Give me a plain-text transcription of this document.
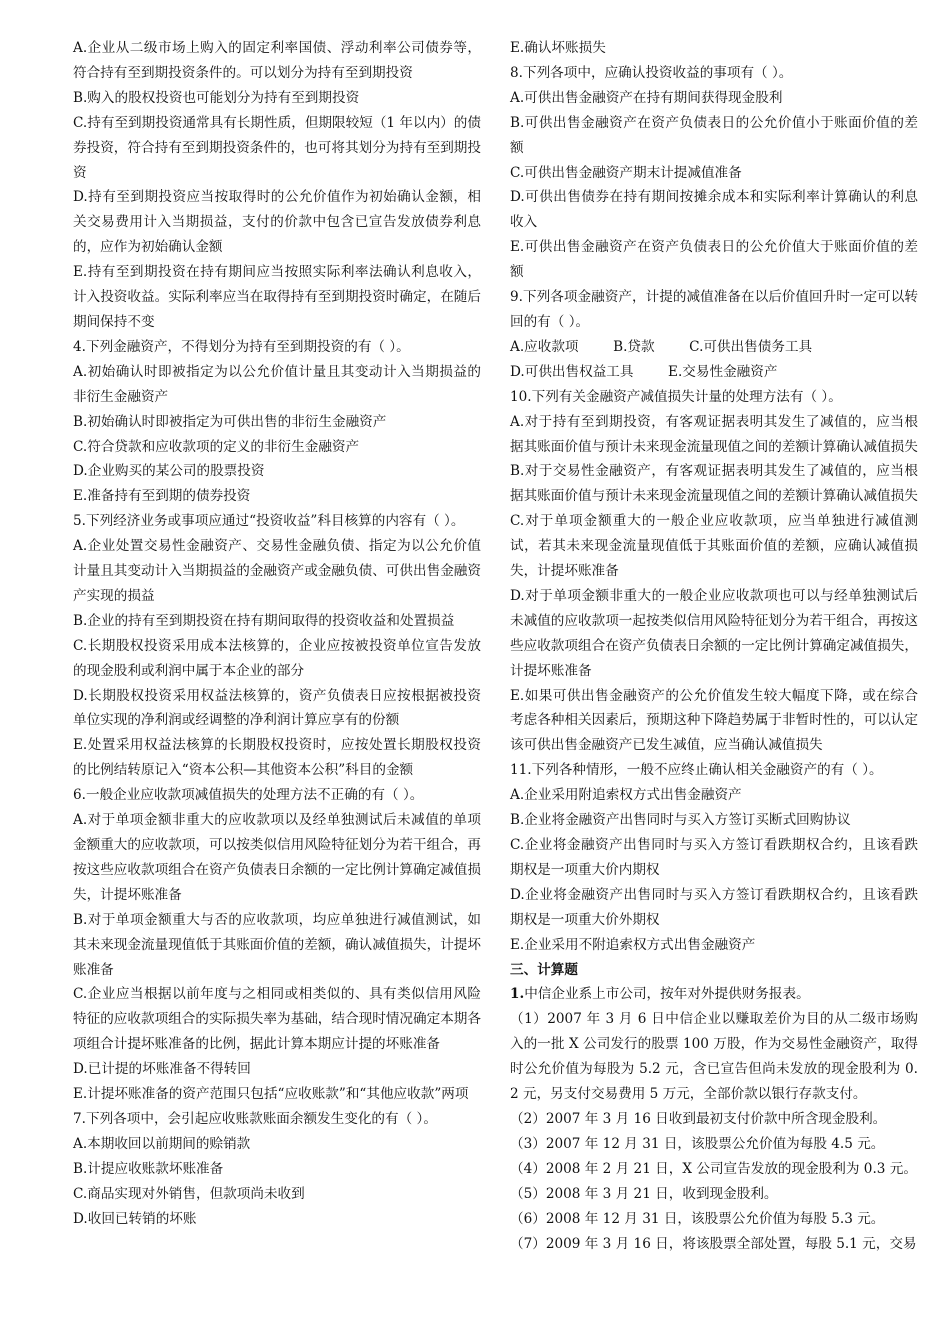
A.企业从二级市场上购入的固定利率国债、浮动利率公司债券等，符合持有至到期投资条件的。可以划分为持有至到期投资

B.购入的股权投资也可能划分为持有至到期投资

C.持有至到期投资通常具有长期性质，但期限较短（1 年以内）的债券投资，符合持有至到期投资条件的，也可将其划分为持有至到期投资

D.持有至到期投资应当按取得时的公允价值作为初始确认金额，相关交易费用计入当期损益，支付的价款中包含已宣告发放债券利息的，应作为初始确认金额

E.持有至到期投资在持有期间应当按照实际利率法确认利息收入，计入投资收益。实际利率应当在取得持有至到期投资时确定，在随后期间保持不变

4.下列金融资产，不得划分为持有至到期投资的有（ ）。

A.初始确认时即被指定为以公允价值计量且其变动计入当期损益的非衍生金融资产

B.初始确认时即被指定为可供出售的非衍生金融资产

C.符合贷款和应收款项的定义的非衍生金融资产

D.企业购买的某公司的股票投资

E.准备持有至到期的债券投资

5.下列经济业务或事项应通过“投资收益”科目核算的内容有（ ）。

A.企业处置交易性金融资产、交易性金融负债、指定为以公允价值计量且其变动计入当期损益的金融资产或金融负债、可供出售金融资产实现的损益

B.企业的持有至到期投资在持有期间取得的投资收益和处置损益

C.长期股权投资采用成本法核算的，企业应按被投资单位宣告发放的现金股利或利润中属于本企业的部分

D.长期股权投资采用权益法核算的，资产负债表日应按根据被投资单位实现的净利润或经调整的净利润计算应享有的份额

E.处置采用权益法核算的长期股权投资时，应按处置长期股权投资的比例结转原记入“资本公积—其他资本公积”科目的金额

6.一般企业应收款项减值损失的处理方法不正确的有（ ）。

A.对于单项金额非重大的应收款项以及经单独测试后未减值的单项金额重大的应收款项，可以按类似信用风险特征划分为若干组合，再按这些应收款项组合在资产负债表日余额的一定比例计算确定减值损失，计提坏账准备

B.对于单项金额重大与否的应收款项，均应单独进行减值测试，如其未来现金流量现值低于其账面价值的差额，确认减值损失，计提坏账准备

C.企业应当根据以前年度与之相同或相类似的、具有类似信用风险特征的应收款项组合的实际损失率为基础，结合现时情况确定本期各项组合计提坏账准备的比例，据此计算本期应计提的坏账准备

D.已计提的坏账准备不得转回

E.计提坏账准备的资产范围只包括“应收账款”和“其他应收款”两项

7.下列各项中，会引起应收账款账面余额发生变化的有（ ）。

A.本期收回以前期间的赊销款

B.计提应收账款坏账准备

C.商品实现对外销售，但款项尚未收到

D.收回已转销的坏账

E.确认坏账损失

8.下列各项中，应确认投资收益的事项有（ ）。

A.可供出售金融资产在持有期间获得现金股利

B.可供出售金融资产在资产负债表日的公允价值小于账面价值的差额

C.可供出售金融资产期末计提减值准备

D.可供出售债券在持有期间按摊余成本和实际利率计算确认的利息收入

E.可供出售金融资产在资产负债表日的公允价值大于账面价值的差额

9.下列各项金融资产，计提的减值准备在以后价值回升时一定可以转回的有（ ）。

A.应收款项        B.贷款        C.可供出售债务工具

D.可供出售权益工具        E.交易性金融资产

10.下列有关金融资产减值损失计量的处理方法有（ ）。

A.对于持有至到期投资，有客观证据表明其发生了减值的，应当根据其账面价值与预计未来现金流量现值之间的差额计算确认减值损失

B.对于交易性金融资产，有客观证据表明其发生了减值的，应当根据其账面价值与预计未来现金流量现值之间的差额计算确认减值损失

C.对于单项金额重大的一般企业应收款项，应当单独进行减值测试，若其未来现金流量现值低于其账面价值的差额，应确认减值损失，计提坏账准备

D.对于单项金额非重大的一般企业应收款项也可以与经单独测试后未减值的应收款项一起按类似信用风险特征划分为若干组合，再按这些应收款项组合在资产负债表日余额的一定比例计算确定减值损失，计提坏账准备

E.如果可供出售金融资产的公允价值发生较大幅度下降，或在综合考虑各种相关因素后，预期这种下降趋势属于非暂时性的，可以认定该可供出售金融资产已发生减值，应当确认减值损失

11.下列各种情形，一般不应终止确认相关金融资产的有（ ）。

A.企业采用附追索权方式出售金融资产

B.企业将金融资产出售同时与买入方签订买断式回购协议

C.企业将金融资产出售同时与买入方签订看跌期权合约，且该看跌期权是一项重大价内期权

D.企业将金融资产出售同时与买入方签订看跌期权合约，且该看跌期权是一项重大价外期权

E.企业采用不附追索权方式出售金融资产

三、计算题

1.中信企业系上市公司，按年对外提供财务报表。

（1）2007 年 3 月 6 日中信企业以赚取差价为目的从二级市场购入的一批 X 公司发行的股票 100 万股，作为交易性金融资产，取得时公允价值为每股为 5.2 元，含已宣告但尚未发放的现金股利为 0.2 元，另支付交易费用 5 万元，全部价款以银行存款支付。

（2）2007 年 3 月 16 日收到最初支付价款中所含现金股利。

（3）2007 年 12 月 31 日，该股票公允价值为每股 4.5 元。

（4）2008 年 2 月 21 日，X 公司宣告发放的现金股利为 0.3 元。

（5）2008 年 3 月 21 日，收到现金股利。

（6）2008 年 12 月 31 日，该股票公允价值为每股 5.3 元。

（7）2009 年 3 月 16 日，将该股票全部处置，每股 5.1 元，交易
